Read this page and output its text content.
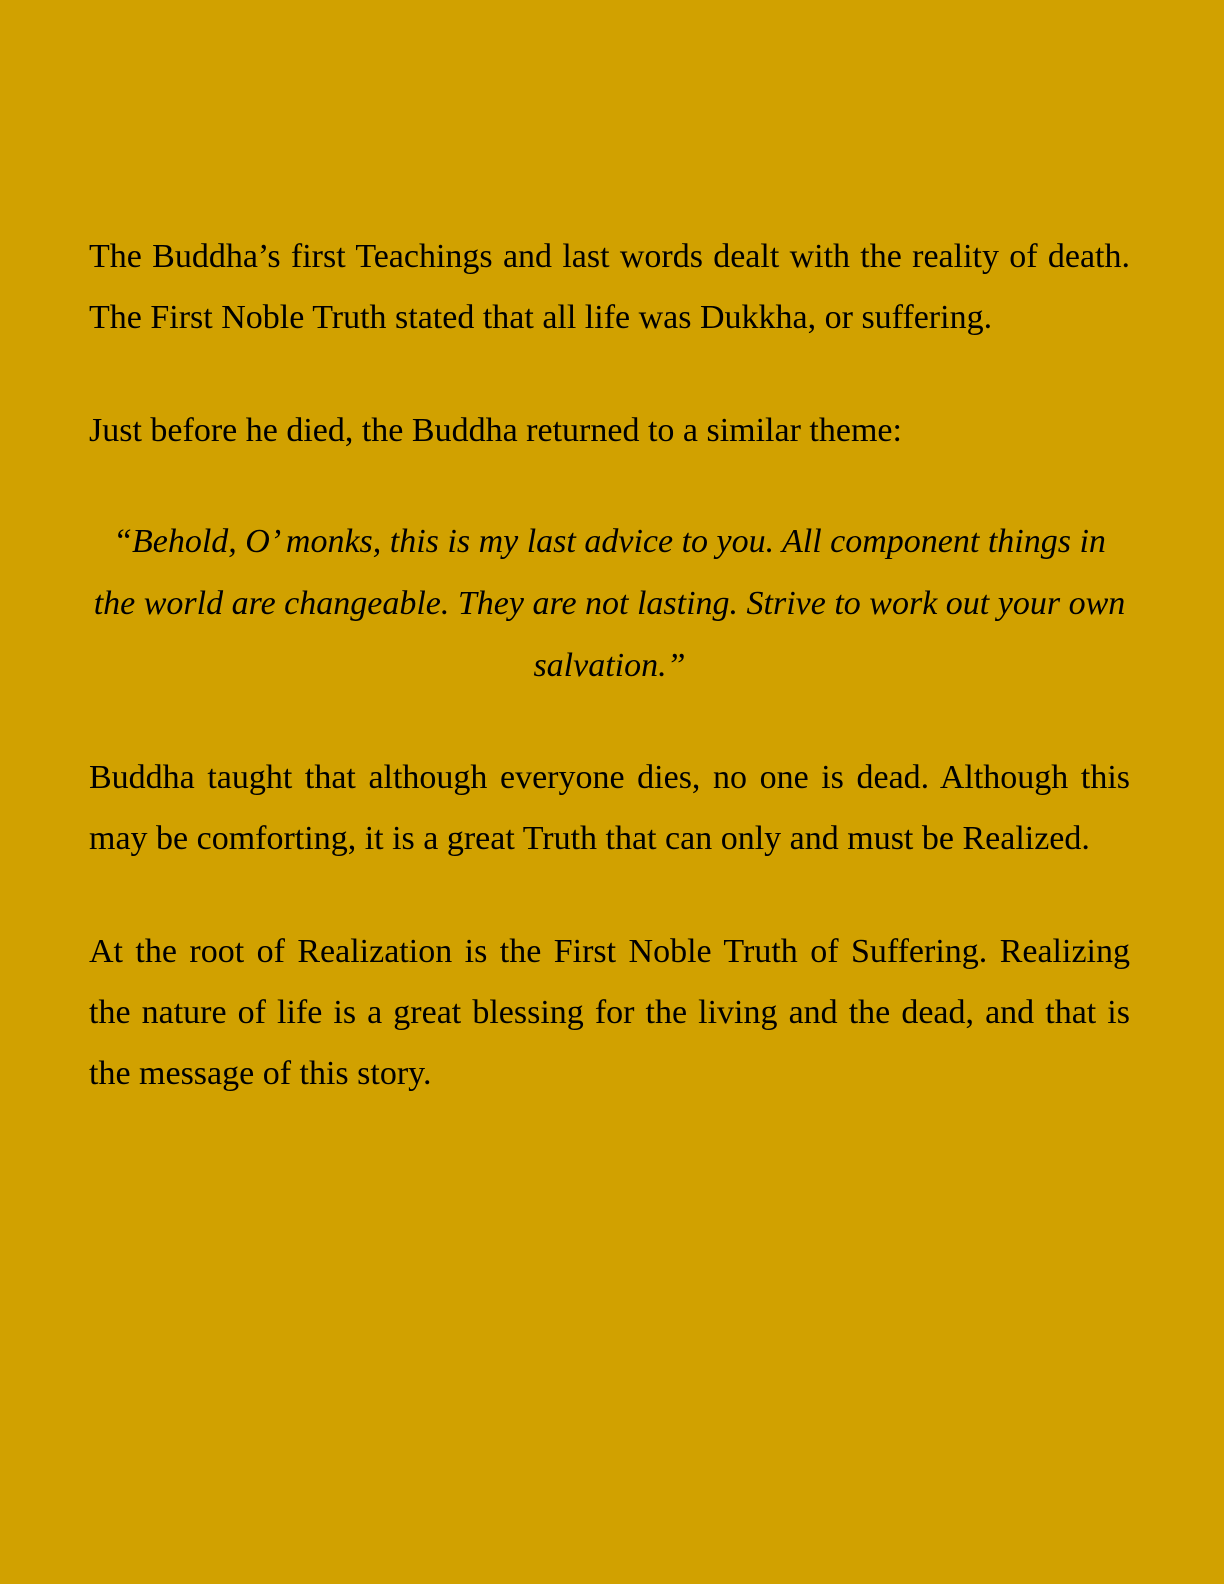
The Buddha’s first Teachings and last words dealt with the reality of death. The First Noble Truth stated that all life was Dukkha, or suffering.

Just before he died, the Buddha returned to a similar theme:

“Behold, O’ monks, this is my last advice to you. All component things in the world are changeable. They are not lasting. Strive to work out your own salvation.”

Buddha taught that although everyone dies, no one is dead. Although this may be comforting, it is a great Truth that can only and must be Realized.

At the root of Realization is the First Noble Truth of Suffering. Realizing the nature of life is a great blessing for the living and the dead, and that is the message of this story.
